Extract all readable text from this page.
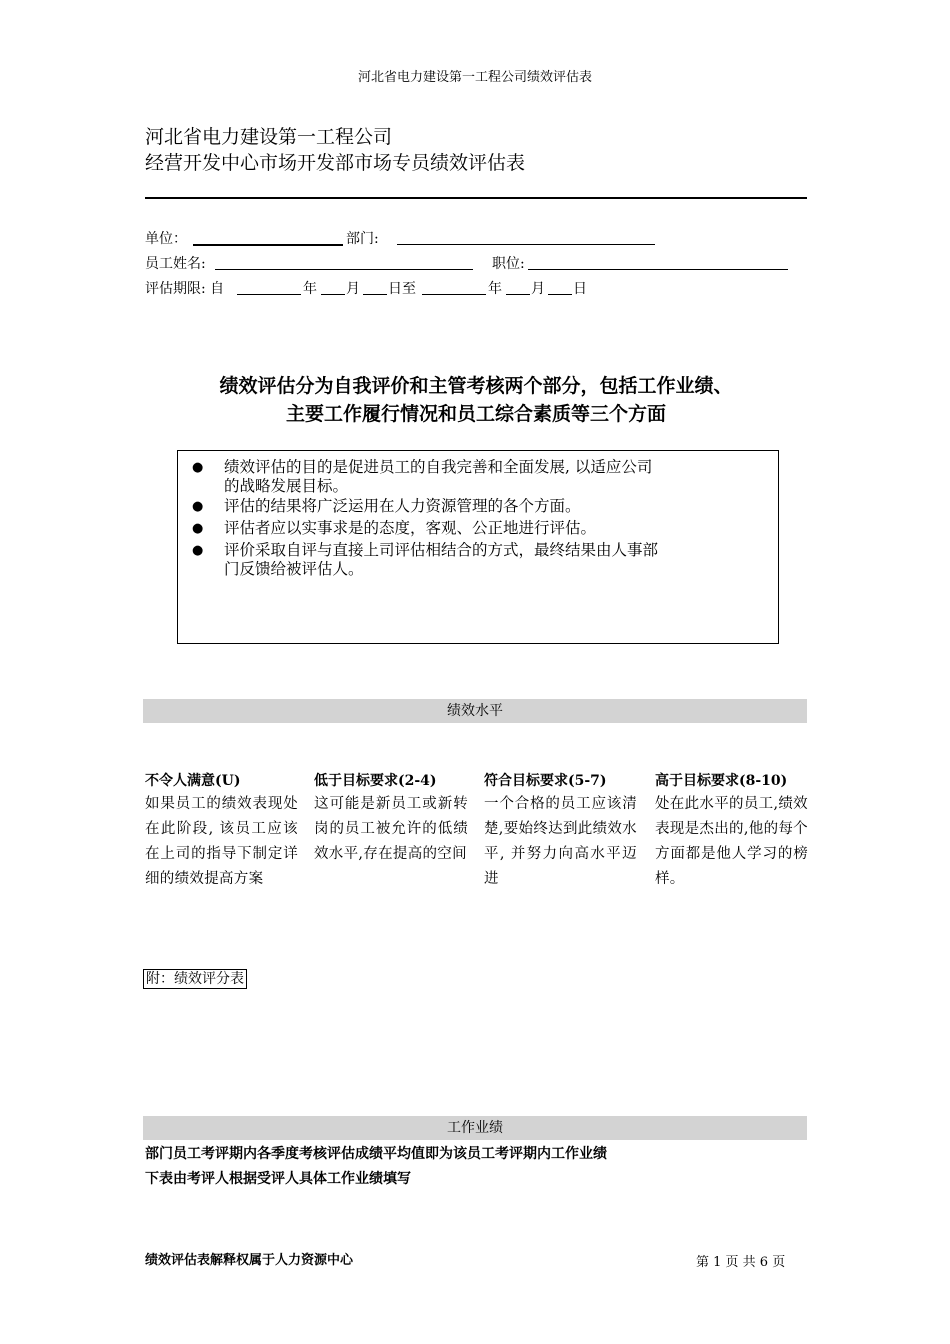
河北省电力建设第一工程公司绩效评估表
河北省电力建设第一工程公司
经营开发中心市场开发部市场专员绩效评估表
单位：	部门:
员工姓名:	职位:
评估期限: 自	年 月 日至	年 月 日
绩效评估分为自我评价和主管考核两个部分，包括工作业绩、
主要工作履行情况和员工综合素质等三个方面
● 绩效评估的目的是促进员工的自我完善和全面发展, 以适应公司
的战略发展目标。
● 评估的结果将广泛运用在人力资源管理的各个方面。
● 评估者应以实事求是的态度，客观、公正地进行评估。
● 评价采取自评与直接上司评估相结合的方式，最终结果由人事部
门反馈给被评估人。
绩效水平
不令人满意(U)
如果员工的绩效表现处在此阶段, 该员工应该在上司的指导下制定详细的绩效提高方案
低于目标要求(2-4)
这可能是新员工或新转岗的员工被允许的低绩效水平,存在提高的空间
符合目标要求(5-7)
一个合格的员工应该清楚,要始终达到此绩效水平, 并努力向高水平迈进
高于目标要求(8-10)
处在此水平的员工,绩效表现是杰出的,他的每个方面都是他人学习的榜样。
附：绩效评分表
工作业绩
部门员工考评期内各季度考核评估成绩平均值即为该员工考评期内工作业绩
下表由考评人根据受评人具体工作业绩填写
绩效评估表解释权属于人力资源中心	第 1 页 共 6 页
